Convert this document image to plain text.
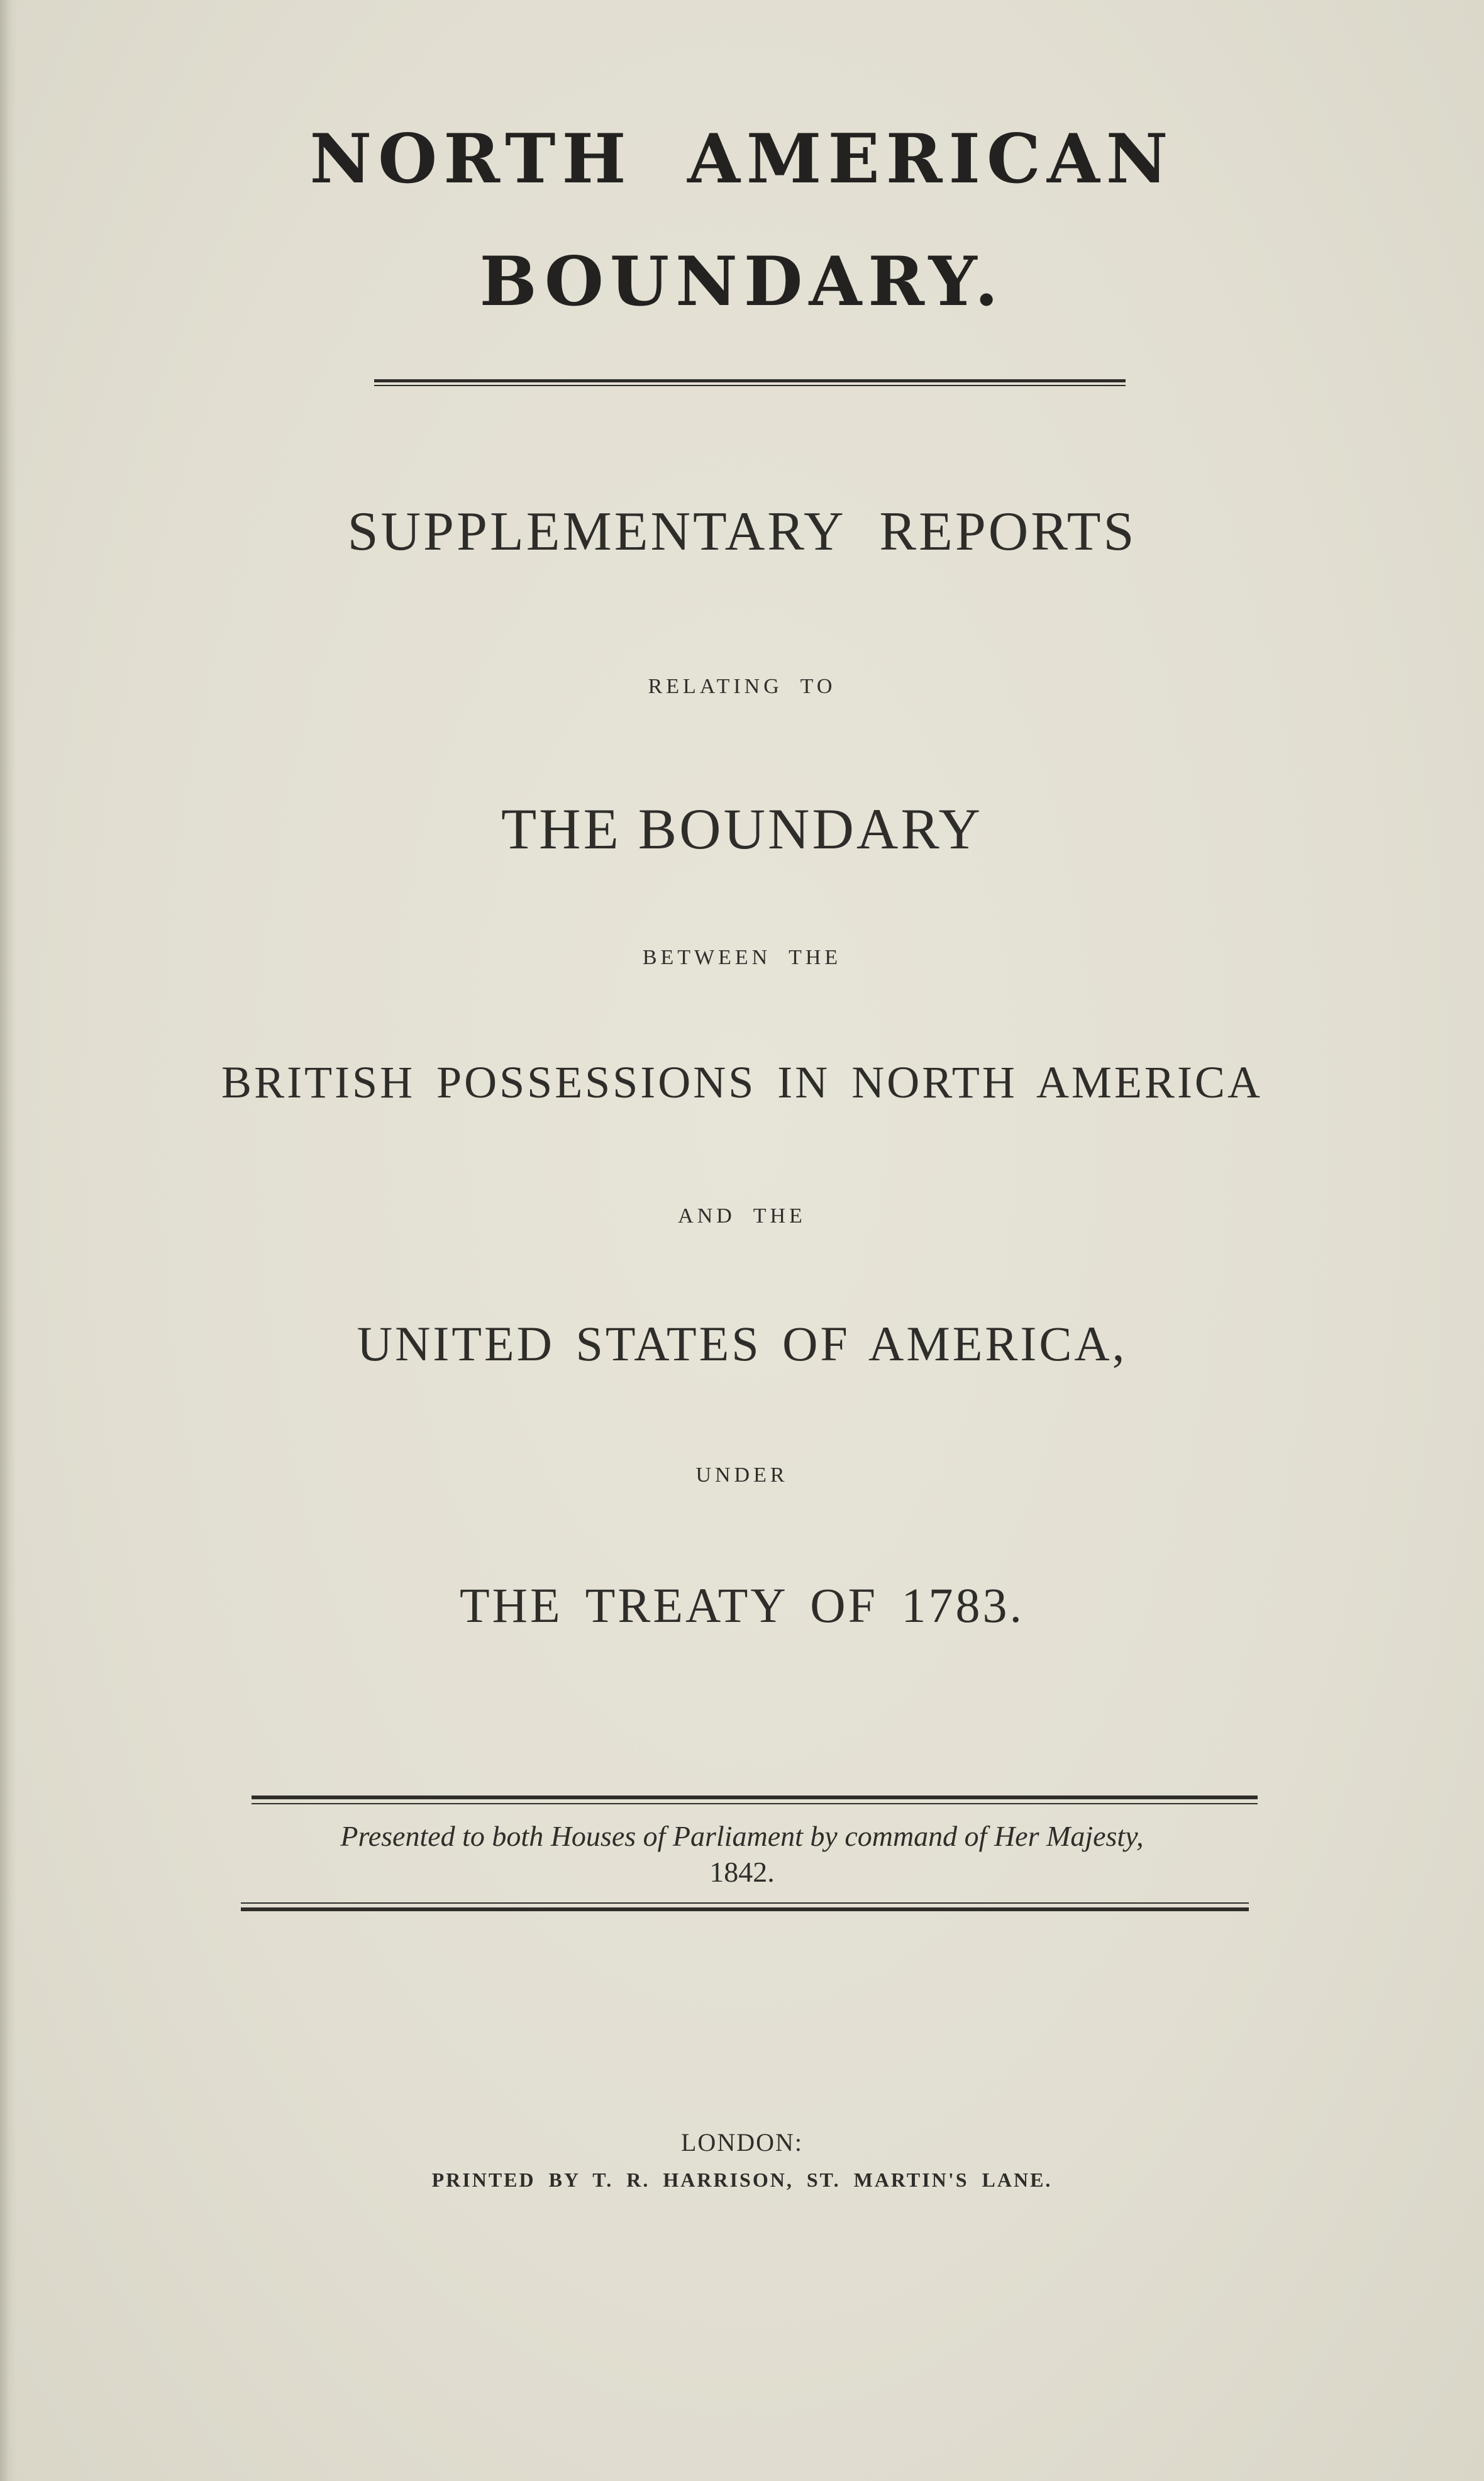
NORTH AMERICAN
BOUNDARY.
SUPPLEMENTARY REPORTS
RELATING TO
THE BOUNDARY
BETWEEN THE
BRITISH POSSESSIONS IN NORTH AMERICA
AND THE
UNITED STATES OF AMERICA,
UNDER
THE TREATY OF 1783.
Presented to both Houses of Parliament by command of Her Majesty,
1842.
LONDON:
PRINTED BY T. R. HARRISON, ST. MARTIN'S LANE.
